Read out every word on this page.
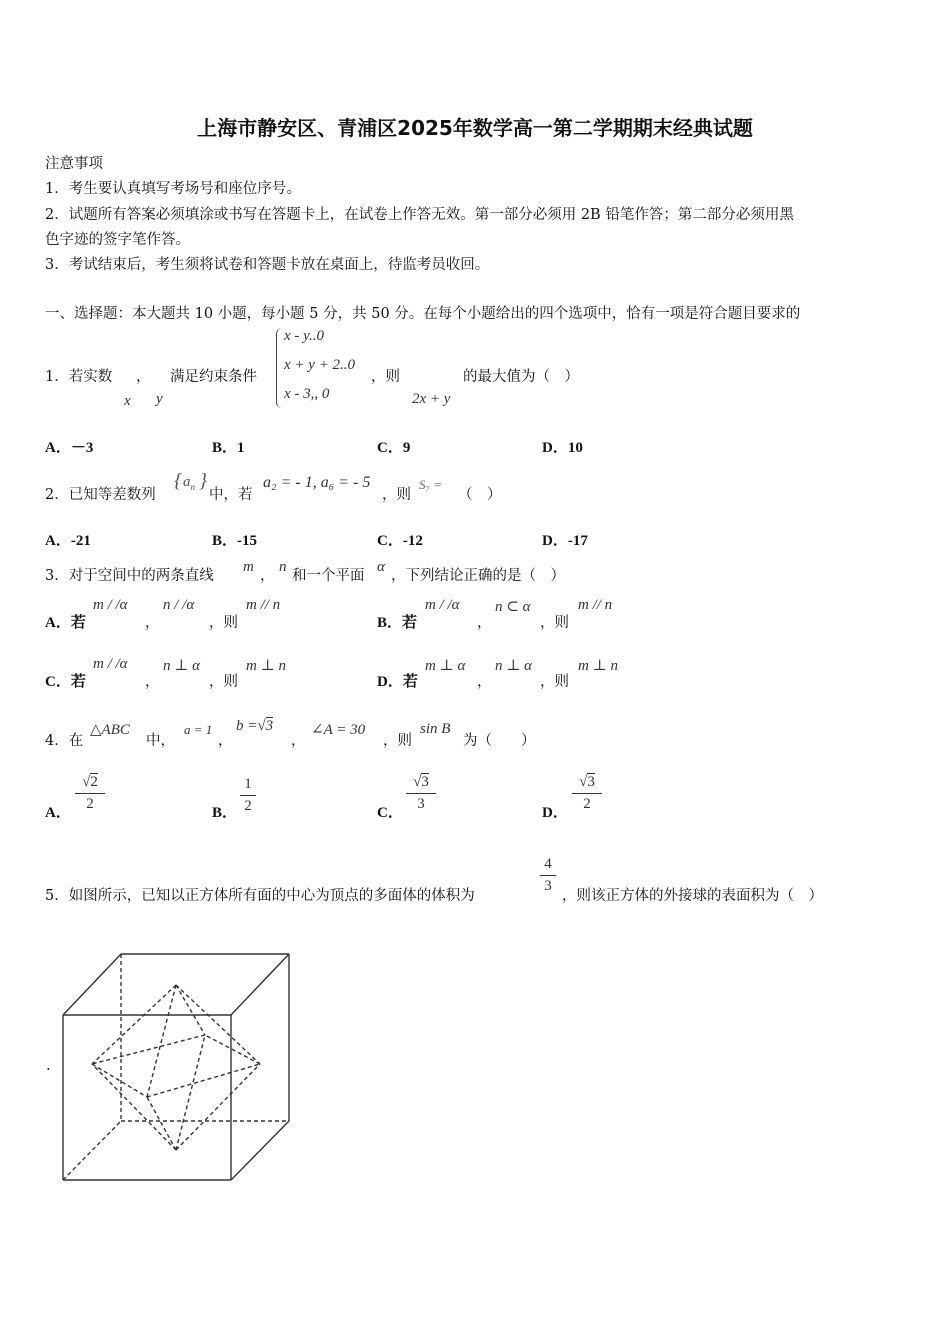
上海市静安区、青浦区2025年数学高一第二学期期末经典试题
注意事项
1．考生要认真填写考场号和座位序号。
2．试题所有答案必须填涂或书写在答题卡上，在试卷上作答无效。第一部分必须用 2B 铅笔作答；第二部分必须用黑
色字迹的签字笔作答。
3．考试结束后，考生须将试卷和答题卡放在桌面上，待监考员收回。
一、选择题：本大题共 10 小题，每小题 5 分，共 50 分。在每个小题给出的四个选项中，恰有一项是符合题目要求的
1．若实数 ， 满足约束条件
x y
x - y..0
x + y + 2..0
x - 3,, 0
，则
2x + y
的最大值为（　）
A．－3	B．1	C．9	D．10
2．已知等差数列
{ $a_n$ }
中，若
a₂ = - 1, a₆ = - 5
，则
S₇ =
（　）
A．-21	B．-15	C．-12	D．-17
3．对于空间中的两条直线
m
，
n
和一个平面
α
，下列结论正确的是（　）
A．若
m / /α
，
n / /α
，则
m // n
B．若
m / /α
，
n ⊂ α
，则
m // n
C．若
m / /α
，
n ⊥ α
，则
m ⊥ n
D．若
m ⊥ α
，
n ⊥ α
，则
m ⊥ n
4．在
△ABC
中，
a = 1
，
b =√3
，
∠A = 30
，则
sin B
为（　　）
A．
√2
2
B．
1
2	C．
√3
3
D．
√3
2
5．如图所示，已知以正方体所有面的中心为顶点的多面体的体积为
4
3
，则该正方体的外接球的表面积为（　）
.
